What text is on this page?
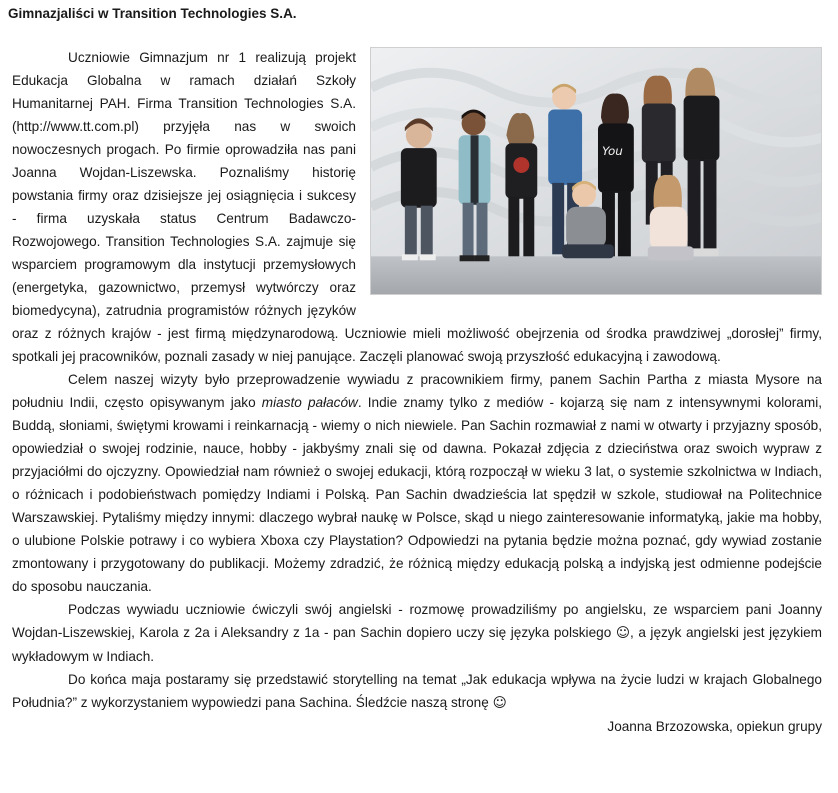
Gimnazjaliści w Transition Technologies S.A.
You

Uczniowie Gimnazjum nr 1 realizują projekt Edukacja Globalna w ramach działań Szkoły Humanitarnej PAH. Firma Transition Technologies S.A. (http://www.tt.com.pl) przyjęła nas w swoich nowoczesnych progach. Po firmie oprowadziła nas pani Joanna Wojdan-Liszewska. Poznaliśmy historię powstania firmy oraz dzisiejsze jej osiągnięcia i sukcesy - firma uzyskała status Centrum Badawczo-Rozwojowego. Transition Technologies S.A. zajmuje się wsparciem programowym dla instytucji przemysłowych (energetyka, gazownictwo, przemysł wytwórczy oraz biomedycyna), zatrudnia programistów różnych języków oraz z różnych krajów - jest firmą międzynarodową. Uczniowie mieli możliwość obejrzenia od środka prawdziwej „dorosłej” firmy, spotkali jej pracowników, poznali zasady w niej panujące. Zaczęli planować swoją przyszłość edukacyjną i zawodową.

Celem naszej wizyty było przeprowadzenie wywiadu z pracownikiem firmy, panem Sachin Partha z miasta Mysore na południu Indii, często opisywanym jako miasto pałaców. Indie znamy tylko z mediów - kojarzą się nam z intensywnymi kolorami, Buddą, słoniami, świętymi krowami i reinkarnacją - wiemy o nich niewiele. Pan Sachin rozmawiał z nami w otwarty i przyjazny sposób, opowiedział o swojej rodzinie, nauce, hobby - jakbyśmy znali się od dawna. Pokazał zdjęcia z dzieciństwa oraz swoich wypraw z przyjaciółmi do ojczyzny. Opowiedział nam również o swojej edukacji, którą rozpoczął w wieku 3 lat, o systemie szkolnictwa w Indiach, o różnicach i podobieństwach pomiędzy Indiami i Polską. Pan Sachin dwadzieścia lat spędził w szkole, studiował na Politechnice Warszawskiej. Pytaliśmy między innymi: dlaczego wybrał naukę w Polsce, skąd u niego zainteresowanie informatyką, jakie ma hobby, o ulubione Polskie potrawy i co wybiera Xboxa czy Playstation? Odpowiedzi na pytania będzie można poznać, gdy wywiad zostanie zmontowany i przygotowany do publikacji. Możemy zdradzić, że różnicą między edukacją polską a indyjską jest odmienne podejście do sposobu nauczania.

Podczas wywiadu uczniowie ćwiczyli swój angielski - rozmowę prowadziliśmy po angielsku, ze wsparciem pani Joanny Wojdan-Liszewskiej, Karola z 2a i Aleksandry z 1a - pan Sachin dopiero uczy się języka polskiego ☺, a język angielski jest językiem wykładowym w Indiach.

Do końca maja postaramy się przedstawić storytelling na temat „Jak edukacja wpływa na życie ludzi w krajach Globalnego Południa?” z wykorzystaniem wypowiedzi pana Sachina. Śledźcie naszą stronę ☺

Joanna Brzozowska, opiekun grupy
